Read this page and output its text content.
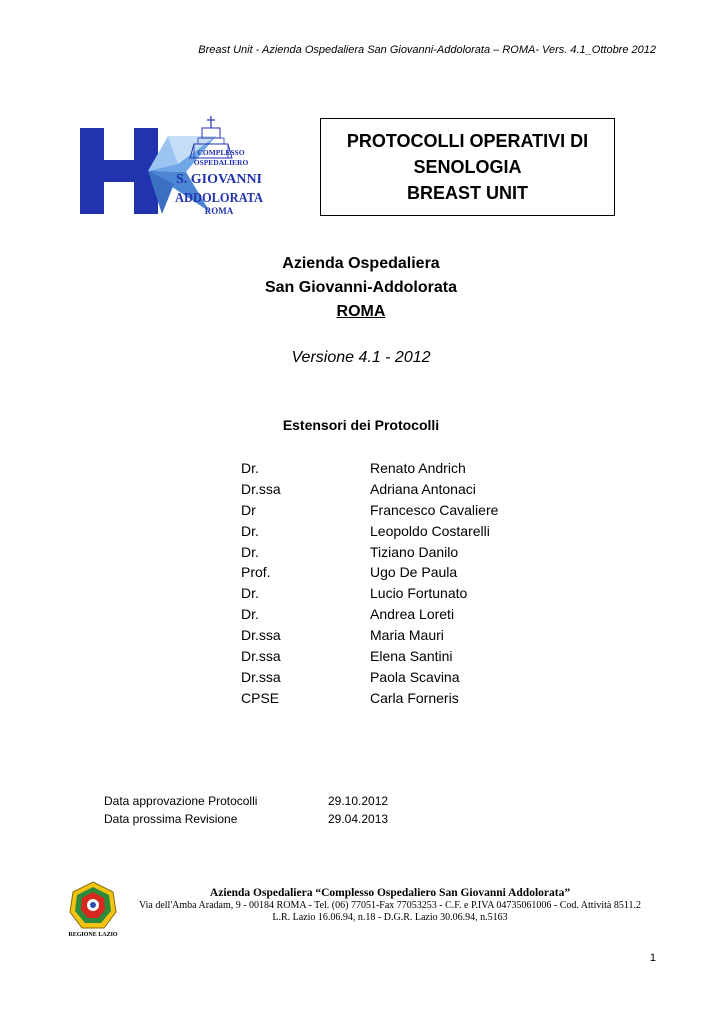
Breast Unit - Azienda Ospedaliera San Giovanni-Addolorata – ROMA- Vers. 4.1_Ottobre 2012
COMPLESSO
OSPEDALIERO
S. GIOVANNI
ADDOLORATA
ROMA
PROTOCOLLI OPERATIVI DI
SENOLOGIA
BREAST UNIT
Azienda Ospedaliera
San Giovanni-Addolorata
ROMA
Versione 4.1 - 2012
Estensori dei Protocolli
Dr.	Renato Andrich
Dr.ssa	Adriana Antonaci
Dr	Francesco Cavaliere
Dr.	Leopoldo Costarelli
Dr.	Tiziano Danilo
Prof.	Ugo De Paula
Dr.	Lucio Fortunato
Dr.	Andrea Loreti
Dr.ssa	Maria Mauri
Dr.ssa	Elena Santini
Dr.ssa	Paola Scavina
CPSE	Carla Forneris
Data approvazione Protocolli	29.10.2012
Data prossima Revisione	29.04.2013
REGIONE LAZIO
Azienda Ospedaliera “Complesso Ospedaliero San Giovanni Addolorata”
Via dell'Amba Aradam, 9 - 00184 ROMA - Tel. (06) 77051-Fax 77053253 - C.F. e P.IVA 04735061006 - Cod. Attività 8511.2
L.R. Lazio 16.06.94, n.18 - D.G.R. Lazio 30.06.94, n.5163
1
